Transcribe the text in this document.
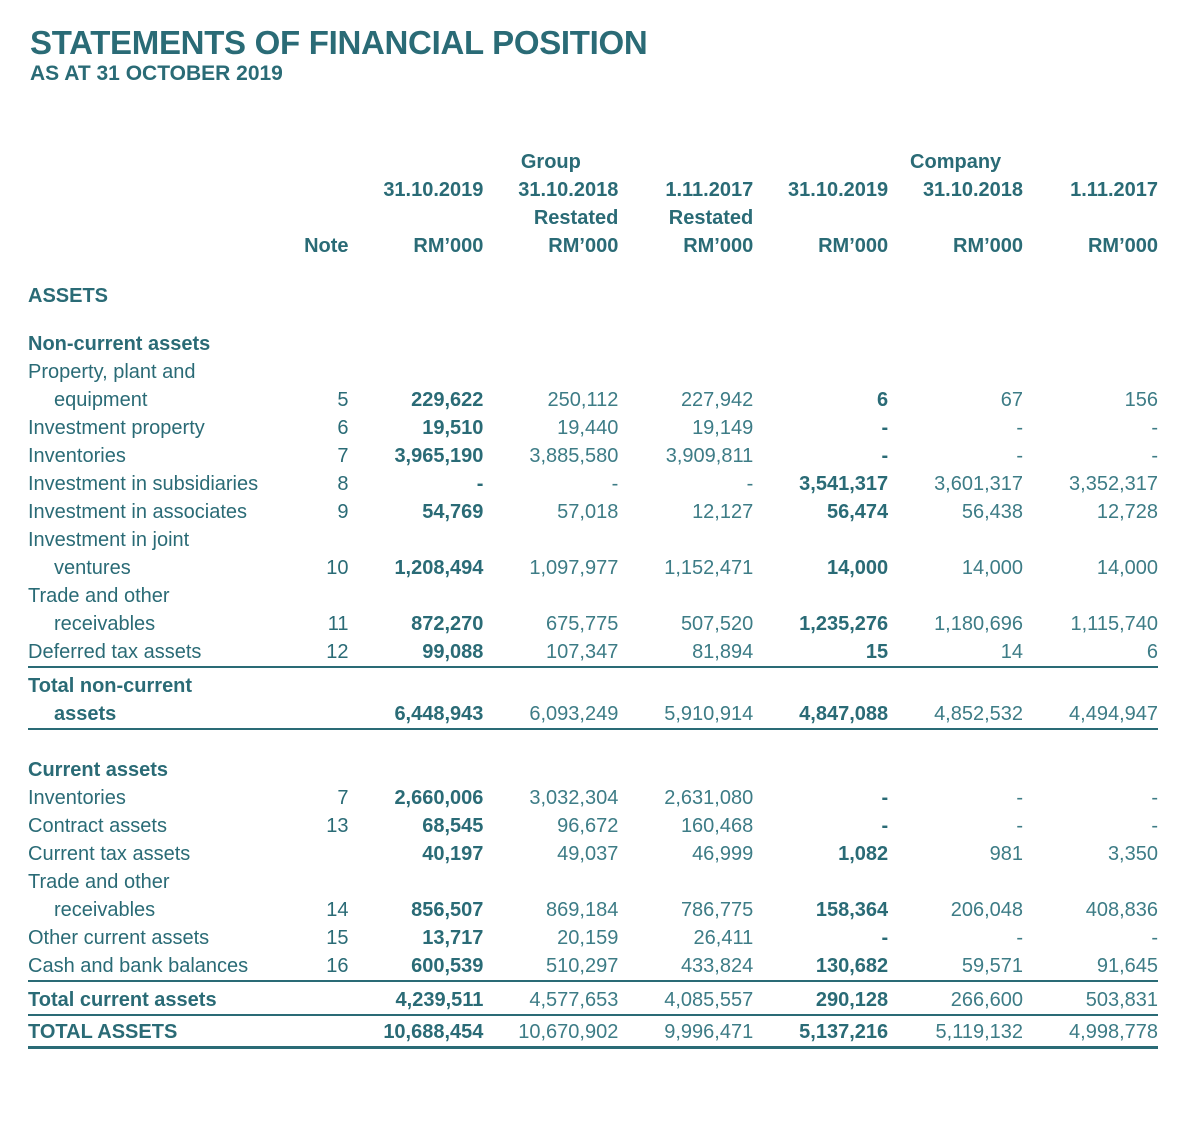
STATEMENTS OF FINANCIAL POSITION
AS AT 31 OCTOBER 2019
			Group			Company	
		31.10.2019	31.10.2018	1.11.2017	31.10.2019	31.10.2018	1.11.2017
			Restated	Restated			
	Note	RM’000	RM’000	RM’000	RM’000	RM’000	RM’000

ASSETS							

Non-current assets							
Property, plant and							
equipment	5	229,622	250,112	227,942	6	67	156
Investment property	6	19,510	19,440	19,149	-	-	-
Inventories	7	3,965,190	3,885,580	3,909,811	-	-	-
Investment in subsidiaries	8	-	-	-	3,541,317	3,601,317	3,352,317
Investment in associates	9	54,769	57,018	12,127	56,474	56,438	12,728
Investment in joint							
ventures	10	1,208,494	1,097,977	1,152,471	14,000	14,000	14,000
Trade and other							
receivables	11	872,270	675,775	507,520	1,235,276	1,180,696	1,115,740
Deferred tax assets	12	99,088	107,347	81,894	15	14	6

Total non-current							
assets		6,448,943	6,093,249	5,910,914	4,847,088	4,852,532	4,494,947

Current assets							
Inventories	7	2,660,006	3,032,304	2,631,080	-	-	-
Contract assets	13	68,545	96,672	160,468	-	-	-
Current tax assets		40,197	49,037	46,999	1,082	981	3,350
Trade and other							
receivables	14	856,507	869,184	786,775	158,364	206,048	408,836
Other current assets	15	13,717	20,159	26,411	-	-	-
Cash and bank balances	16	600,539	510,297	433,824	130,682	59,571	91,645

Total current assets		4,239,511	4,577,653	4,085,557	290,128	266,600	503,831

TOTAL ASSETS		10,688,454	10,670,902	9,996,471	5,137,216	5,119,132	4,998,778
